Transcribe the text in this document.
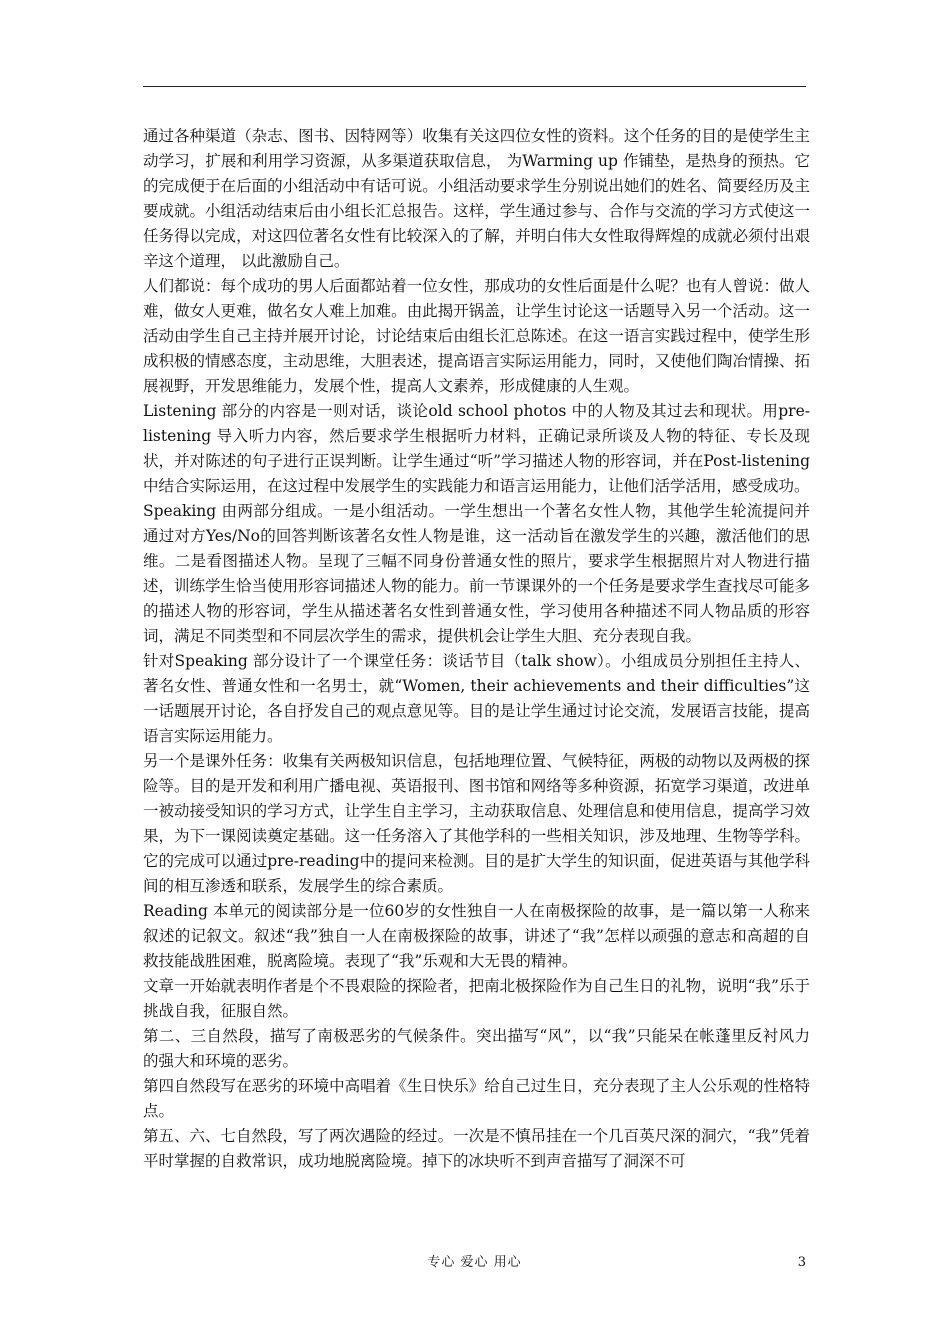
通过各种渠道（杂志、图书、因特网等）收集有关这四位女性的资料。这个任务的目的是使学生主动学习，扩展和利用学习资源，从多渠道获取信息， 为Warming up 作铺垫，是热身的预热。它的完成便于在后面的小组活动中有话可说。小组活动要求学生分别说出她们的姓名、简要经历及主要成就。小组活动结束后由小组长汇总报告。这样，学生通过参与、合作与交流的学习方式使这一任务得以完成，对这四位著名女性有比较深入的了解，并明白伟大女性取得辉煌的成就必须付出艰辛这个道理， 以此激励自己。

人们都说：每个成功的男人后面都站着一位女性，那成功的女性后面是什么呢？也有人曾说：做人难，做女人更难，做名女人难上加难。由此揭开锅盖，让学生讨论这一话题导入另一个活动。这一活动由学生自己主持并展开讨论，讨论结束后由组长汇总陈述。在这一语言实践过程中，使学生形成积极的情感态度，主动思维，大胆表述，提高语言实际运用能力，同时，又使他们陶冶情操、拓展视野，开发思维能力，发展个性，提高人文素养，形成健康的人生观。

Listening 部分的内容是一则对话，谈论old school photos 中的人物及其过去和现状。用pre-listening 导入听力内容，然后要求学生根据听力材料，正确记录所谈及人物的特征、专长及现状，并对陈述的句子进行正误判断。让学生通过“听”学习描述人物的形容词，并在Post-listening中结合实际运用，在这过程中发展学生的实践能力和语言运用能力，让他们活学活用，感受成功。

Speaking 由两部分组成。一是小组活动。一学生想出一个著名女性人物，其他学生轮流提问并通过对方Yes/No的回答判断该著名女性人物是谁，这一活动旨在激发学生的兴趣，激活他们的思维。二是看图描述人物。呈现了三幅不同身份普通女性的照片，要求学生根据照片对人物进行描述，训练学生恰当使用形容词描述人物的能力。前一节课课外的一个任务是要求学生查找尽可能多的描述人物的形容词，学生从描述著名女性到普通女性，学习使用各种描述不同人物品质的形容词，满足不同类型和不同层次学生的需求，提供机会让学生大胆、充分表现自我。

针对Speaking 部分设计了一个课堂任务：谈话节目（talk show）。小组成员分别担任主持人、著名女性、普通女性和一名男士，就“Women, their achievements and their difficulties”这一话题展开讨论，各自抒发自己的观点意见等。目的是让学生通过讨论交流，发展语言技能，提高语言实际运用能力。

另一个是课外任务：收集有关两极知识信息，包括地理位置、气候特征，两极的动物以及两极的探险等。目的是开发和利用广播电视、英语报刊、图书馆和网络等多种资源，拓宽学习渠道，改进单一被动接受知识的学习方式，让学生自主学习，主动获取信息、处理信息和使用信息，提高学习效果，为下一课阅读奠定基础。这一任务溶入了其他学科的一些相关知识，涉及地理、生物等学科。它的完成可以通过pre-reading中的提问来检测。目的是扩大学生的知识面，促进英语与其他学科间的相互渗透和联系，发展学生的综合素质。

Reading 本单元的阅读部分是一位60岁的女性独自一人在南极探险的故事，是一篇以第一人称来叙述的记叙文。叙述“我”独自一人在南极探险的故事，讲述了“我”怎样以顽强的意志和高超的自救技能战胜困难，脱离险境。表现了“我”乐观和大无畏的精神。

文章一开始就表明作者是个不畏艰险的探险者，把南北极探险作为自己生日的礼物，说明“我”乐于挑战自我，征服自然。

第二、三自然段，描写了南极恶劣的气候条件。突出描写“风”，以“我”只能呆在帐蓬里反衬风力的强大和环境的恶劣。

第四自然段写在恶劣的环境中高唱着《生日快乐》给自己过生日，充分表现了主人公乐观的性格特点。

第五、六、七自然段，写了两次遇险的经过。一次是不慎吊挂在一个几百英尺深的洞穴，“我”凭着平时掌握的自救常识，成功地脱离险境。掉下的冰块听不到声音描写了洞深不可

专心 爱心 用心	3
